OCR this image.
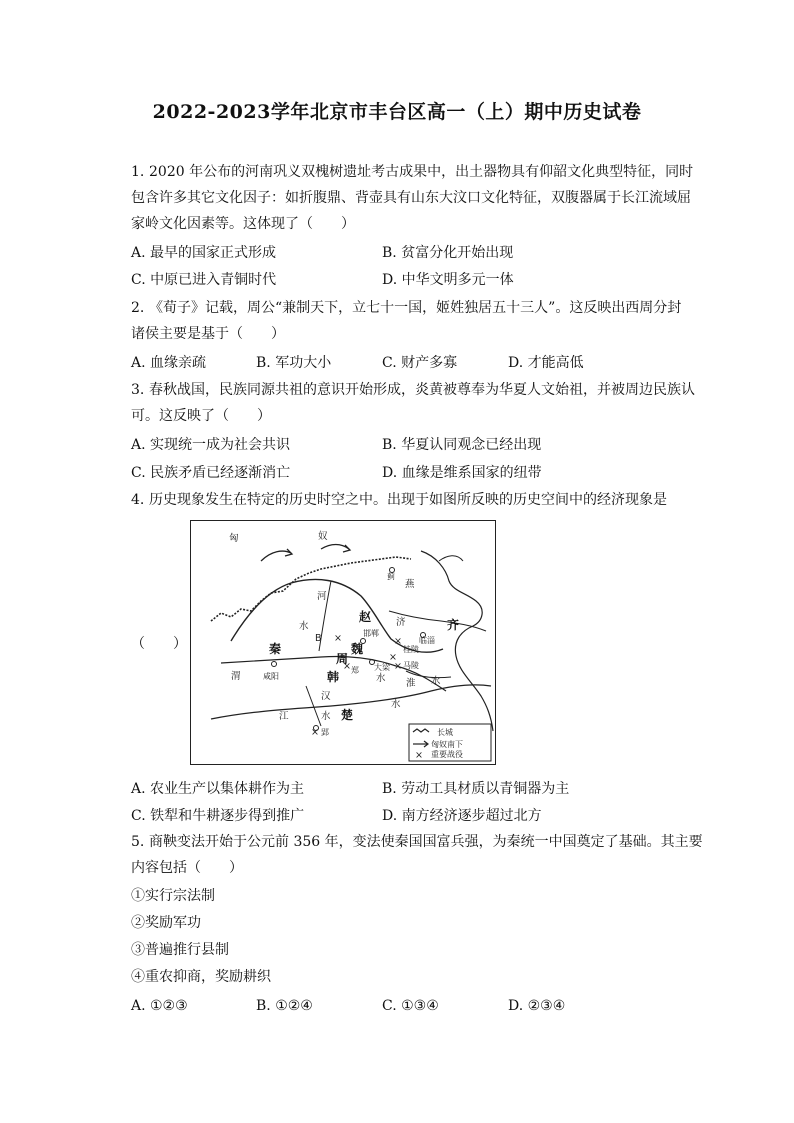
2022-2023学年北京市丰台区高一（上）期中历史试卷
1. 2020 年公布的河南巩义双槐树遗址考古成果中，出土器物具有仰韶文化典型特征，同时
包含许多其它文化因子：如折腹鼎、背壶具有山东大汶口文化特征，双腹器属于长江流域屈
家岭文化因素等。这体现了（　　）
A. 最早的国家正式形成	B. 贫富分化开始出现
C. 中原已进入青铜时代	D. 中华文明多元一体
2. 《荀子》记载，周公“兼制天下，立七十一国，姬姓独居五十三人”。这反映出西周分封
诸侯主要是基于（　　）
A. 血缘亲疏	B. 军功大小	C. 财产多寡	D. 才能高低
3. 春秋战国，民族同源共祖的意识开始形成，炎黄被尊奉为华夏人文始祖，并被周边民族认
可。这反映了（　　）
A. 实现统一成为社会共识	B. 华夏认同观念已经出现
C. 民族矛盾已经逐渐消亡	D. 血缘是维系国家的纽带
4. 历史现象发生在特定的历史时空之中。出现于如图所反映的历史空间中的经济现象是
（　　）
匈	奴
燕
蓟
河
赵
B	邯郸
水	济
临淄
齐
秦	魏
周
韩
渭	咸阳
郑 大梁
桂陵
马陵
淮 水
江
汉
水 楚
水
郢
水
×	×
×
×
×
×
长城
匈奴南下
× 重要战役
A. 农业生产以集体耕作为主	B. 劳动工具材质以青铜器为主
C. 铁犁和牛耕逐步得到推广	D. 南方经济逐步超过北方
5. 商鞅变法开始于公元前 356 年，变法使秦国国富兵强，为秦统一中国奠定了基础。其主要
内容包括（　　）
①实行宗法制
②奖励军功
③普遍推行县制
④重农抑商，奖励耕织
A. ①②③	B. ①②④	C. ①③④	D. ②③④
